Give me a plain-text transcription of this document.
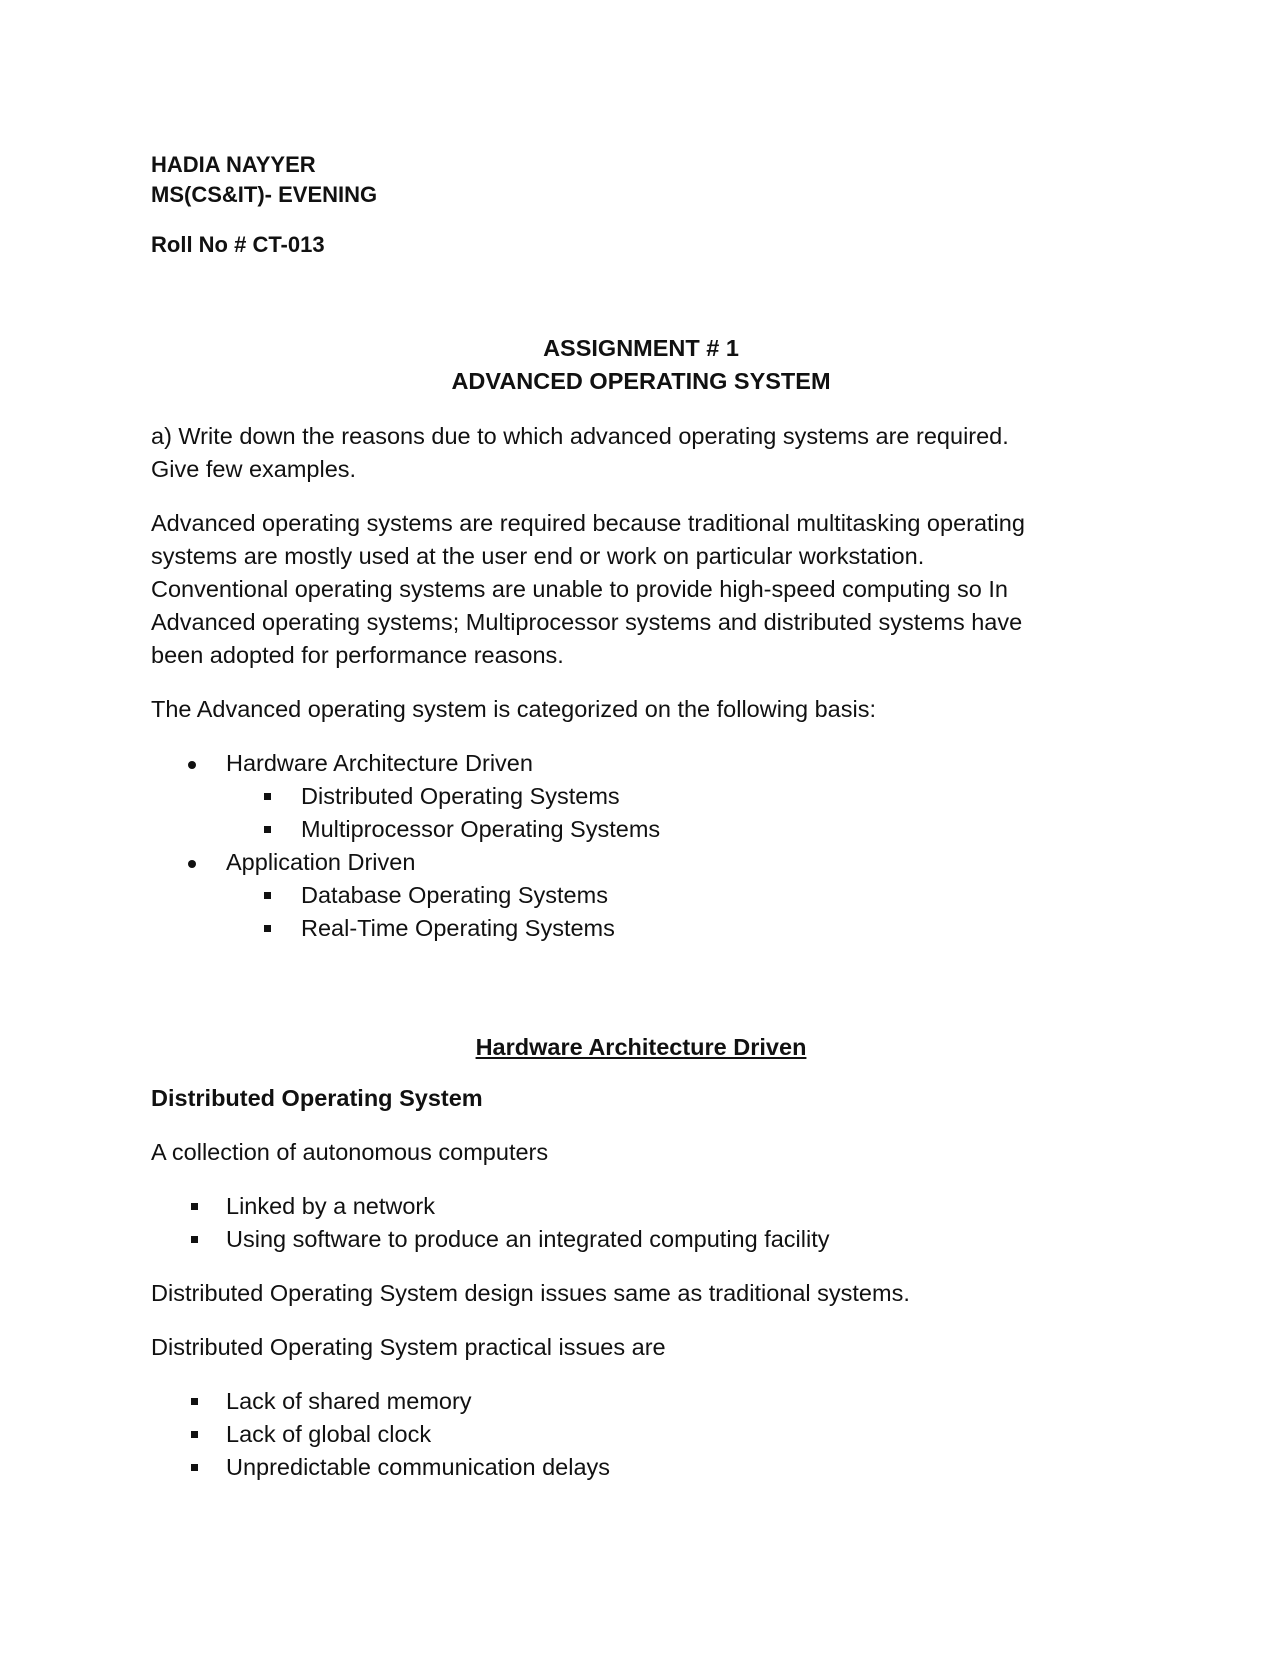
HADIA NAYYER

MS(CS&IT)- EVENING

Roll No # CT-013

ASSIGNMENT # 1
ADVANCED OPERATING SYSTEM

a) Write down the reasons due to which advanced operating systems are required.

Give few examples.

Advanced operating systems are required because traditional multitasking operating

systems are mostly used at the user end or work on particular workstation.

Conventional operating systems are unable to provide high-speed computing so In

Advanced operating systems; Multiprocessor systems and distributed systems have

been adopted for performance reasons.

The Advanced operating system is categorized on the following basis:

Hardware Architecture Driven
Distributed Operating Systems
Multiprocessor Operating Systems
Application Driven
Database Operating Systems
Real-Time Operating Systems

Hardware Architecture Driven

Distributed Operating System

A collection of autonomous computers

Linked by a network
Using software to produce an integrated computing facility

Distributed Operating System design issues same as traditional systems.

Distributed Operating System practical issues are

Lack of shared memory
Lack of global clock
Unpredictable communication delays
